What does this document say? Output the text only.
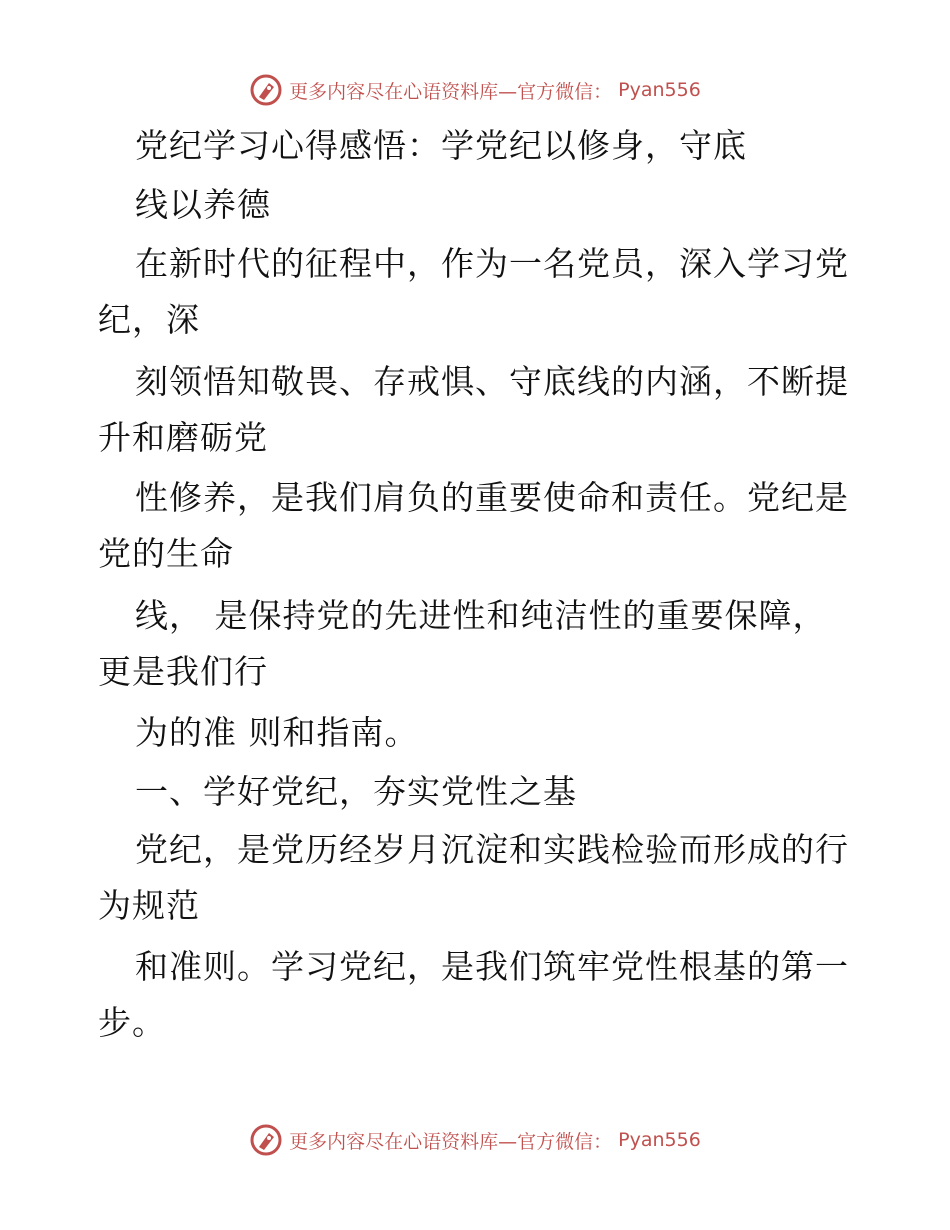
更多内容尽在心语资料库—官方微信： Pyan556
党纪学习心得感悟：学党纪以修身，守底
线以养德
在新时代的征程中，作为一名党员，深入学习党
纪，深
刻领悟知敬畏、存戒惧、守底线的内涵，不断提
升和磨砺党
性修养，是我们肩负的重要使命和责任。党纪是
党的生命
线， 是保持党的先进性和纯洁性的重要保障，
更是我们行
为的准 则和指南。
一、学好党纪，夯实党性之基
党纪，是党历经岁月沉淀和实践检验而形成的行
为规范
和准则。学习党纪，是我们筑牢党性根基的第一
步。
更多内容尽在心语资料库—官方微信： Pyan556
